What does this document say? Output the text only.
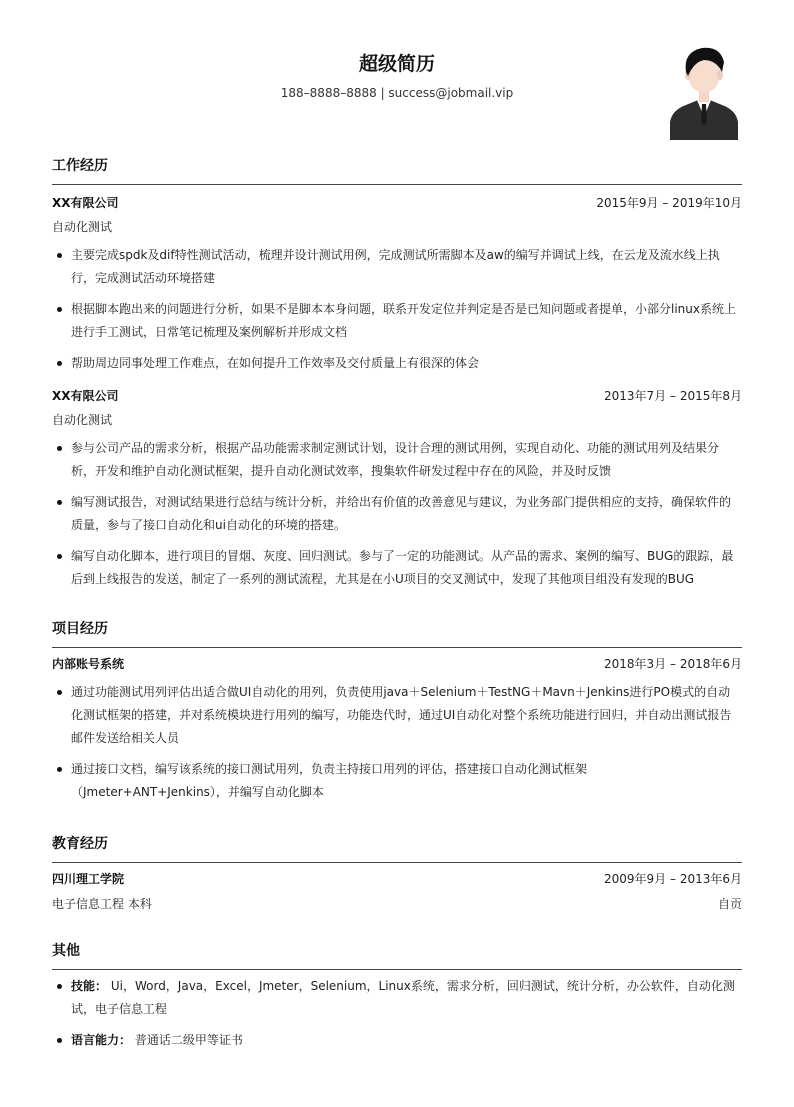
超级简历
188–8888–8888 | success@jobmail.vip
工作经历
XX有限公司	2015年9月 – 2019年10月
自动化测试
主要完成spdk及dif特性测试活动，梳理并设计测试用例，完成测试所需脚本及aw的编写并调试上线，在云龙及流水线上执行，完成测试活动环境搭建
根据脚本跑出来的问题进行分析，如果不是脚本本身问题，联系开发定位并判定是否是已知问题或者提单，小部分linux系统上进行手工测试，日常笔记梳理及案例解析并形成文档
帮助周边同事处理工作难点，在如何提升工作效率及交付质量上有很深的体会
XX有限公司	2013年7月 – 2015年8月
自动化测试
参与公司产品的需求分析，根据产品功能需求制定测试计划，设计合理的测试用例，实现自动化、功能的测试用列及结果分析，开发和维护自动化测试框架，提升自动化测试效率，搜集软件研发过程中存在的风险，并及时反馈
编写测试报告，对测试结果进行总结与统计分析，并给出有价值的改善意见与建议，为业务部门提供相应的支持，确保软件的质量，参与了接口自动化和ui自动化的环境的搭建。
编写自动化脚本，进行项目的冒烟、灰度、回归测试。参与了一定的功能测试。从产品的需求、案例的编写、BUG的跟踪，最后到上线报告的发送，制定了一系列的测试流程，尤其是在小U项目的交叉测试中，发现了其他项目组没有发现的BUG
项目经历
内部账号系统	2018年3月 – 2018年6月
通过功能测试用列评估出适合做UI自动化的用列，负责使用java＋Selenium＋TestNG＋Mavn＋Jenkins进行PO模式的自动化测试框架的搭建，并对系统模块进行用列的编写，功能迭代时，通过UI自动化对整个系统功能进行回归，并自动出测试报告邮件发送给相关人员
通过接口文档，编写该系统的接口测试用列，负责主持接口用列的评估，搭建接口自动化测试框架（Jmeter+ANT+Jenkins），并编写自动化脚本
教育经历
四川理工学院	2009年9月 – 2013年6月
电子信息工程 本科	自贡
其他
技能： Ui，Word，Java，Excel，Jmeter，Selenium，Linux系统，需求分析，回归测试，统计分析，办公软件，自动化测试，电子信息工程
语言能力： 普通话二级甲等证书
